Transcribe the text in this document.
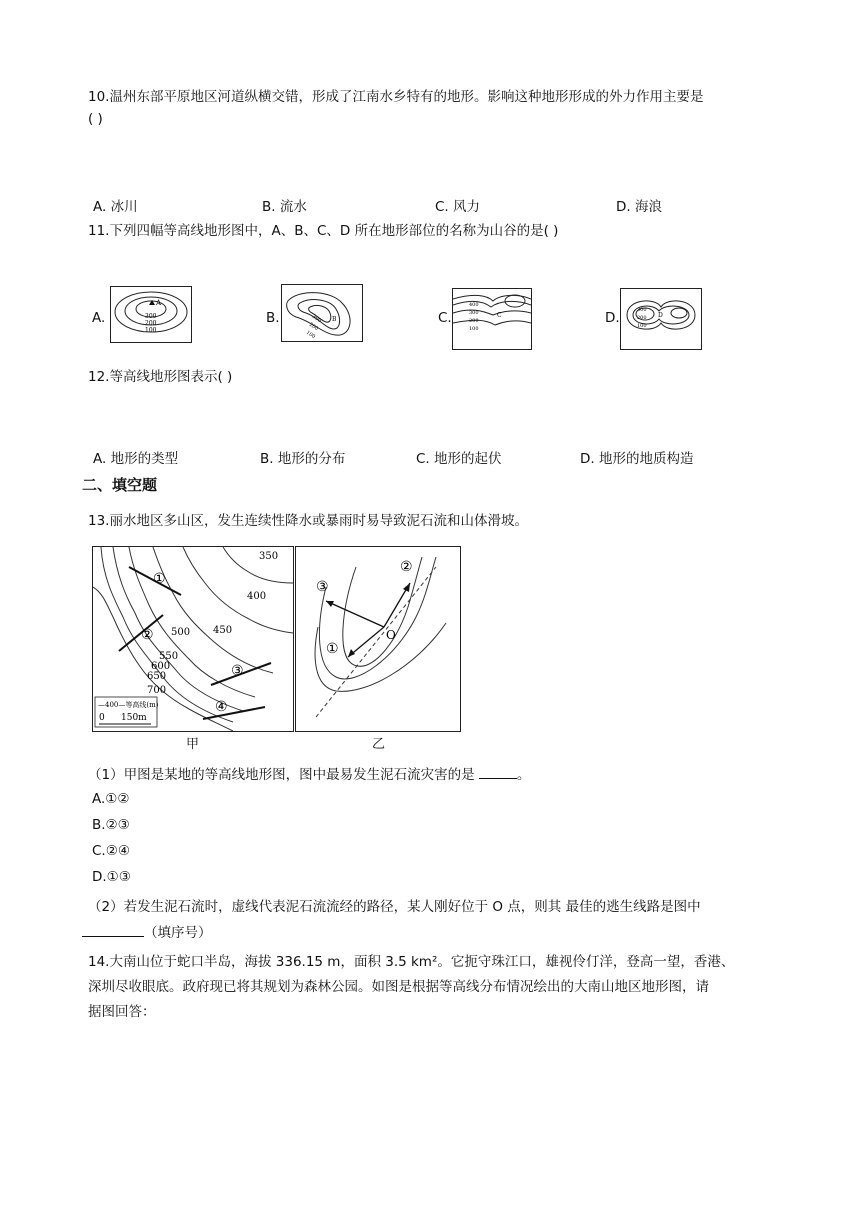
10.温州东部平原地区河道纵横交错，形成了江南水乡特有的地形。影响这种地形形成的外力作用主要是
( )
A. 冰川	B. 流水	C. 风力	D. 海浪
11.下列四幅等高线地形图中，A、B、C、D 所在地形部位的名称为山谷的是( )
A.
A
300
200
100
B.	B
300
200
100
C.	C
400
300
200
100
D.	D
300
200
100
12.等高线地形图表示( )
A. 地形的类型	B. 地形的分布	C. 地形的起伏	D. 地形的地质构造
二、填空题
13.丽水地区多山区，发生连续性降水或暴雨时易导致泥石流和山体滑坡。
①
②
③
④
350
400
450
500
550
600
650
700
—400—等高线(m)
0 150m
甲
③
②
①
O
乙
（1）甲图是某地的等高线地形图，图中最易发生泥石流灾害的是	。
A.①②
B.②③
C.②④
D.①③
（2）若发生泥石流时，虚线代表泥石流流经的路径，某人刚好位于 O 点，则其 最佳的逃生线路是图中
（填序号）
14.大南山位于蛇口半岛，海拔 336.15 m，面积 3.5 km²。它扼守珠江口，雄视伶仃洋，登高一望，香港、
深圳尽收眼底。政府现已将其规划为森林公园。如图是根据等高线分布情况绘出的大南山地区地形图，请
据图回答：
